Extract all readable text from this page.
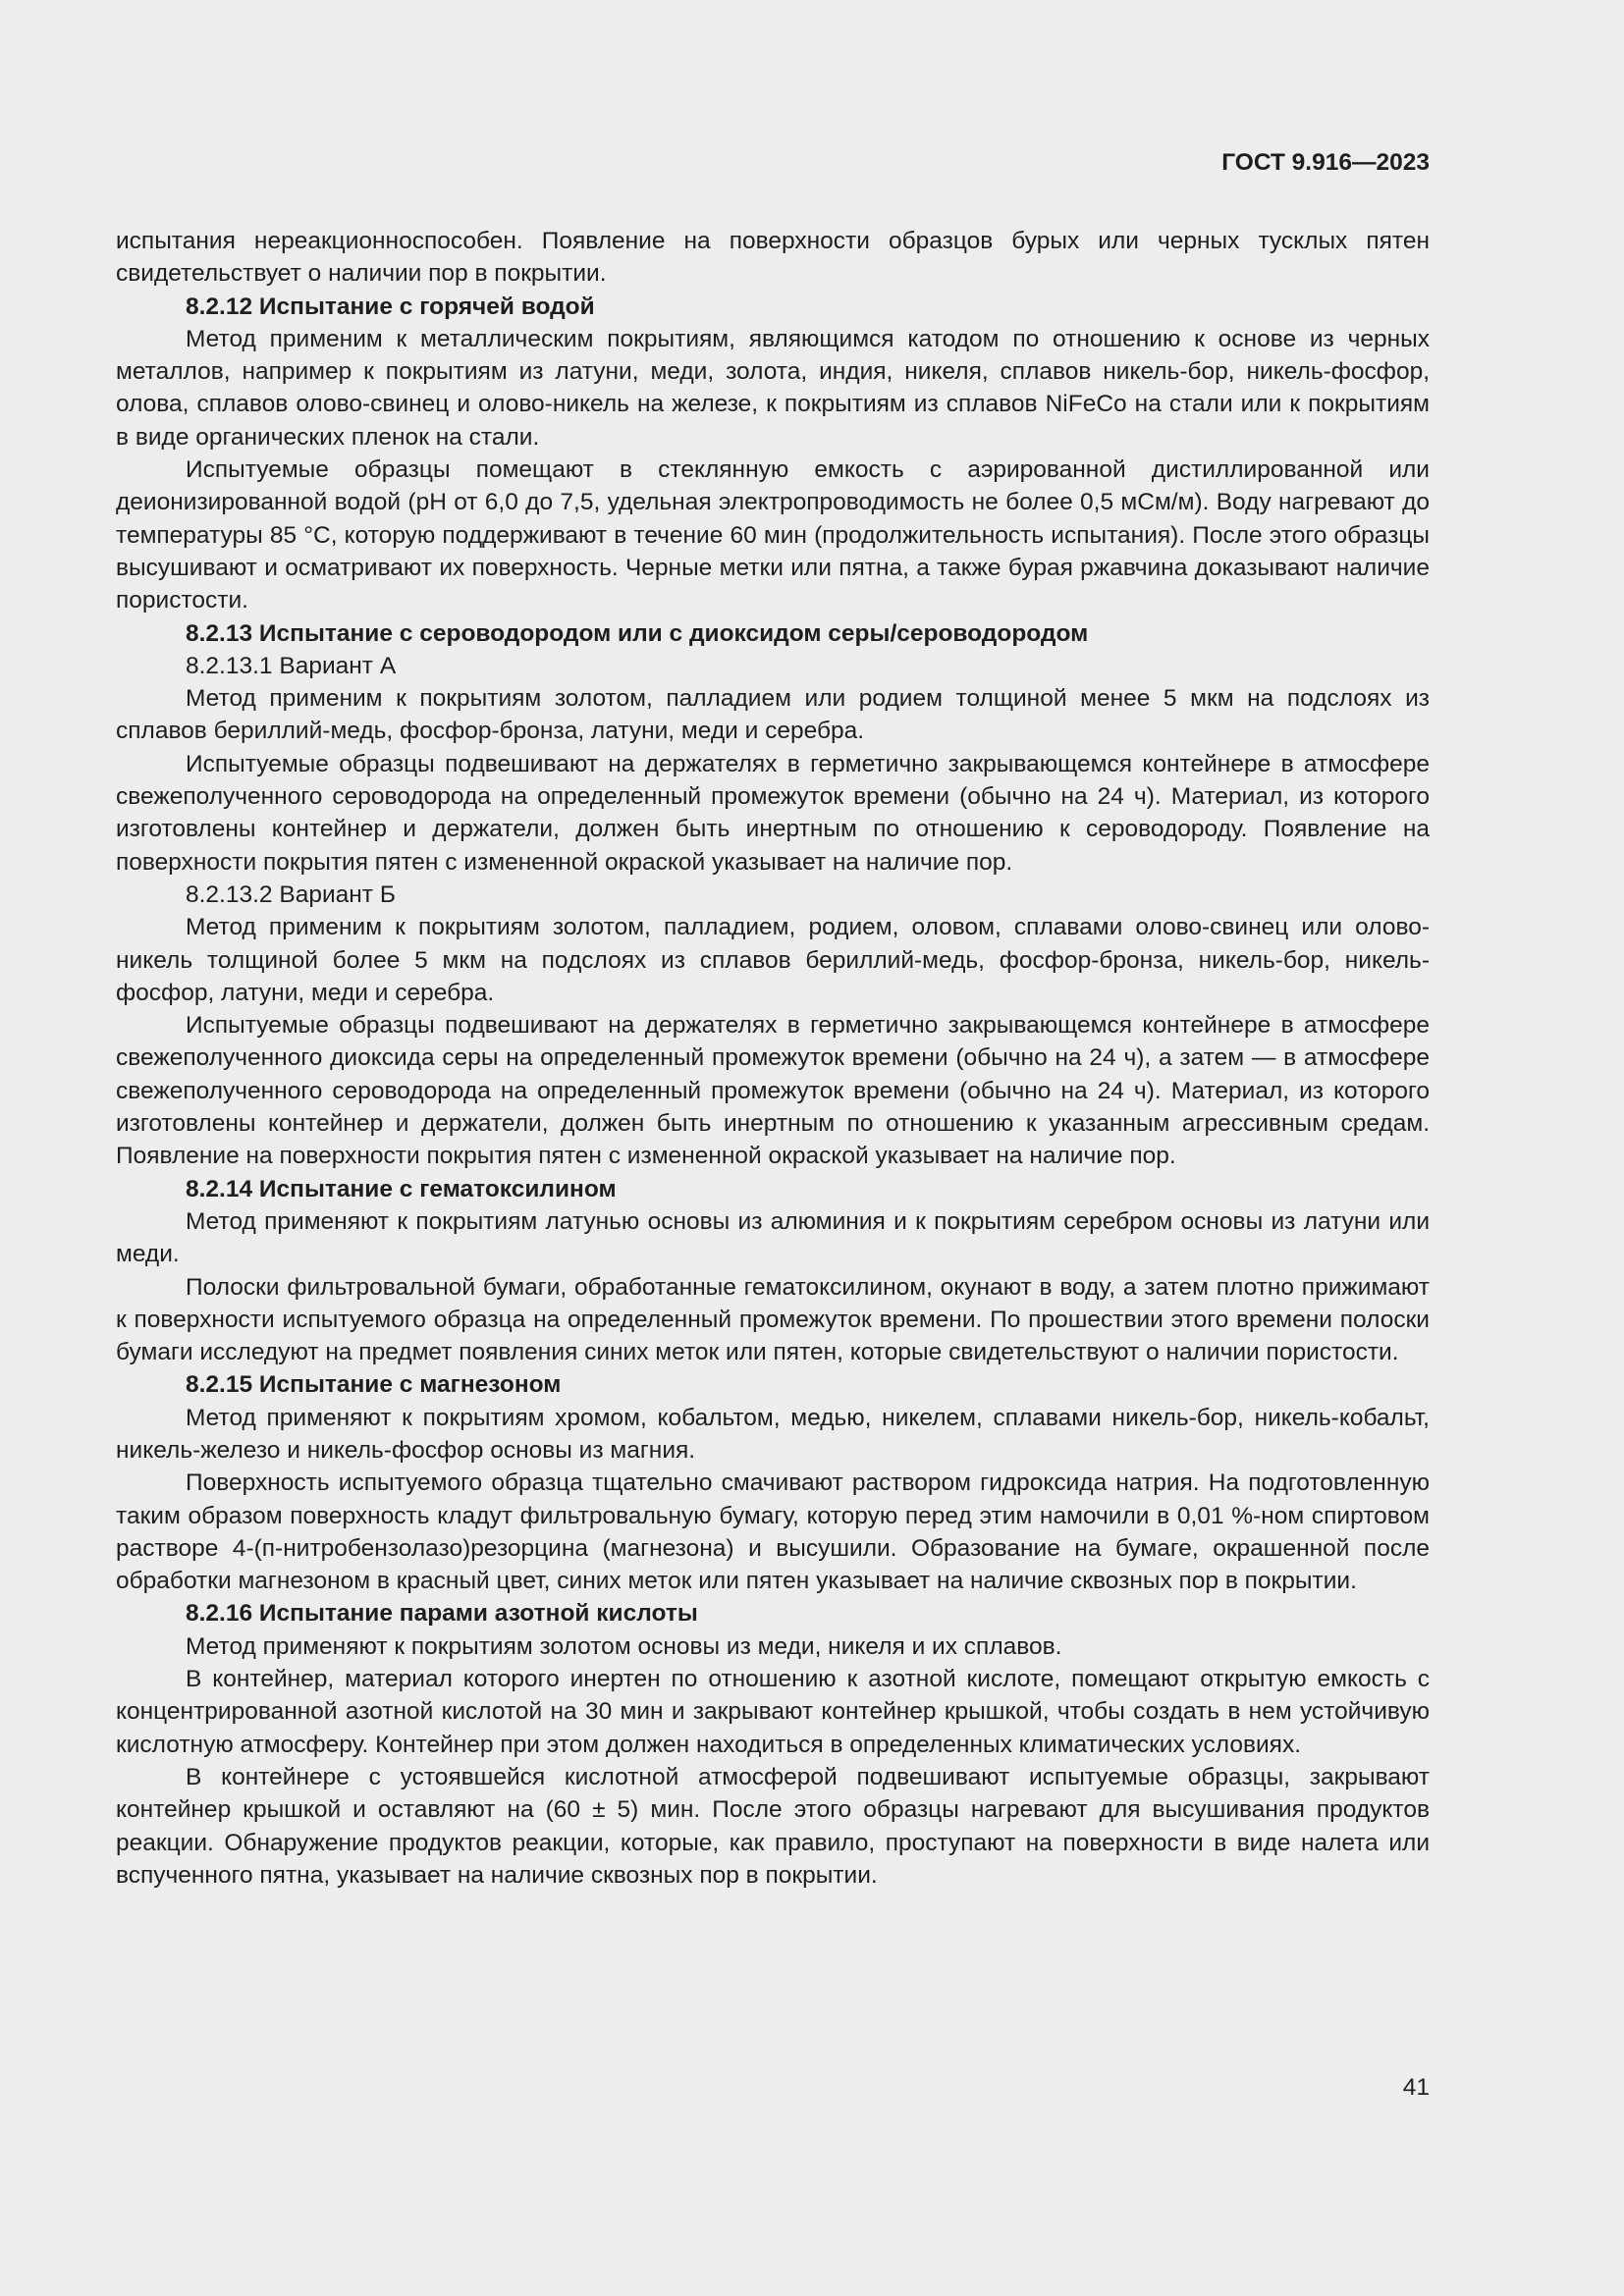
ГОСТ 9.916—2023

испытания нереакционноспособен. Появление на поверхности образцов бурых или черных тусклых пятен свидетельствует о наличии пор в покрытии.

8.2.12 Испытание с горячей водой

Метод применим к металлическим покрытиям, являющимся катодом по отношению к основе из черных металлов, например к покрытиям из латуни, меди, золота, индия, никеля, сплавов никель-бор, никель-фосфор, олова, сплавов олово-свинец и олово-никель на железе, к покрытиям из сплавов NiFeCo на стали или к покрытиям в виде органических пленок на стали.

Испытуемые образцы помещают в стеклянную емкость с аэрированной дистиллированной или деионизированной водой (рН от 6,0 до 7,5, удельная электропроводимость не более 0,5 мСм/м). Воду нагревают до температуры 85 °С, которую поддерживают в течение 60 мин (продолжительность испытания). После этого образцы высушивают и осматривают их поверхность. Черные метки или пятна, а также бурая ржавчина доказывают наличие пористости.

8.2.13 Испытание с сероводородом или с диоксидом серы/сероводородом

8.2.13.1 Вариант А

Метод применим к покрытиям золотом, палладием или родием толщиной менее 5 мкм на подслоях из сплавов бериллий-медь, фосфор-бронза, латуни, меди и серебра.

Испытуемые образцы подвешивают на держателях в герметично закрывающемся контейнере в атмосфере свежеполученного сероводорода на определенный промежуток времени (обычно на 24 ч). Материал, из которого изготовлены контейнер и держатели, должен быть инертным по отношению к сероводороду. Появление на поверхности покрытия пятен с измененной окраской указывает на наличие пор.

8.2.13.2 Вариант Б

Метод применим к покрытиям золотом, палладием, родием, оловом, сплавами олово-свинец или олово-никель толщиной более 5 мкм на подслоях из сплавов бериллий-медь, фосфор-бронза, никель-бор, никель-фосфор, латуни, меди и серебра.

Испытуемые образцы подвешивают на держателях в герметично закрывающемся контейнере в атмосфере свежеполученного диоксида серы на определенный промежуток времени (обычно на 24 ч), а затем — в атмосфере свежеполученного сероводорода на определенный промежуток времени (обычно на 24 ч). Материал, из которого изготовлены контейнер и держатели, должен быть инертным по отношению к указанным агрессивным средам. Появление на поверхности покрытия пятен с измененной окраской указывает на наличие пор.

8.2.14 Испытание с гематоксилином

Метод применяют к покрытиям латунью основы из алюминия и к покрытиям серебром основы из латуни или меди.

Полоски фильтровальной бумаги, обработанные гематоксилином, окунают в воду, а затем плотно прижимают к поверхности испытуемого образца на определенный промежуток времени. По прошествии этого времени полоски бумаги исследуют на предмет появления синих меток или пятен, которые свидетельствуют о наличии пористости.

8.2.15 Испытание с магнезоном

Метод применяют к покрытиям хромом, кобальтом, медью, никелем, сплавами никель-бор, никель-кобальт, никель-железо и никель-фосфор основы из магния.

Поверхность испытуемого образца тщательно смачивают раствором гидроксида натрия. На подготовленную таким образом поверхность кладут фильтровальную бумагу, которую перед этим намочили в 0,01 %-ном спиртовом растворе 4-(п-нитробензолазо)резорцина (магнезона) и высушили. Образование на бумаге, окрашенной после обработки магнезоном в красный цвет, синих меток или пятен указывает на наличие сквозных пор в покрытии.

8.2.16 Испытание парами азотной кислоты

Метод применяют к покрытиям золотом основы из меди, никеля и их сплавов.

В контейнер, материал которого инертен по отношению к азотной кислоте, помещают открытую емкость с концентрированной азотной кислотой на 30 мин и закрывают контейнер крышкой, чтобы создать в нем устойчивую кислотную атмосферу. Контейнер при этом должен находиться в определенных климатических условиях.

В контейнере с устоявшейся кислотной атмосферой подвешивают испытуемые образцы, закрывают контейнер крышкой и оставляют на (60 ± 5) мин. После этого образцы нагревают для высушивания продуктов реакции. Обнаружение продуктов реакции, которые, как правило, проступают на поверхности в виде налета или вспученного пятна, указывает на наличие сквозных пор в покрытии.

41
